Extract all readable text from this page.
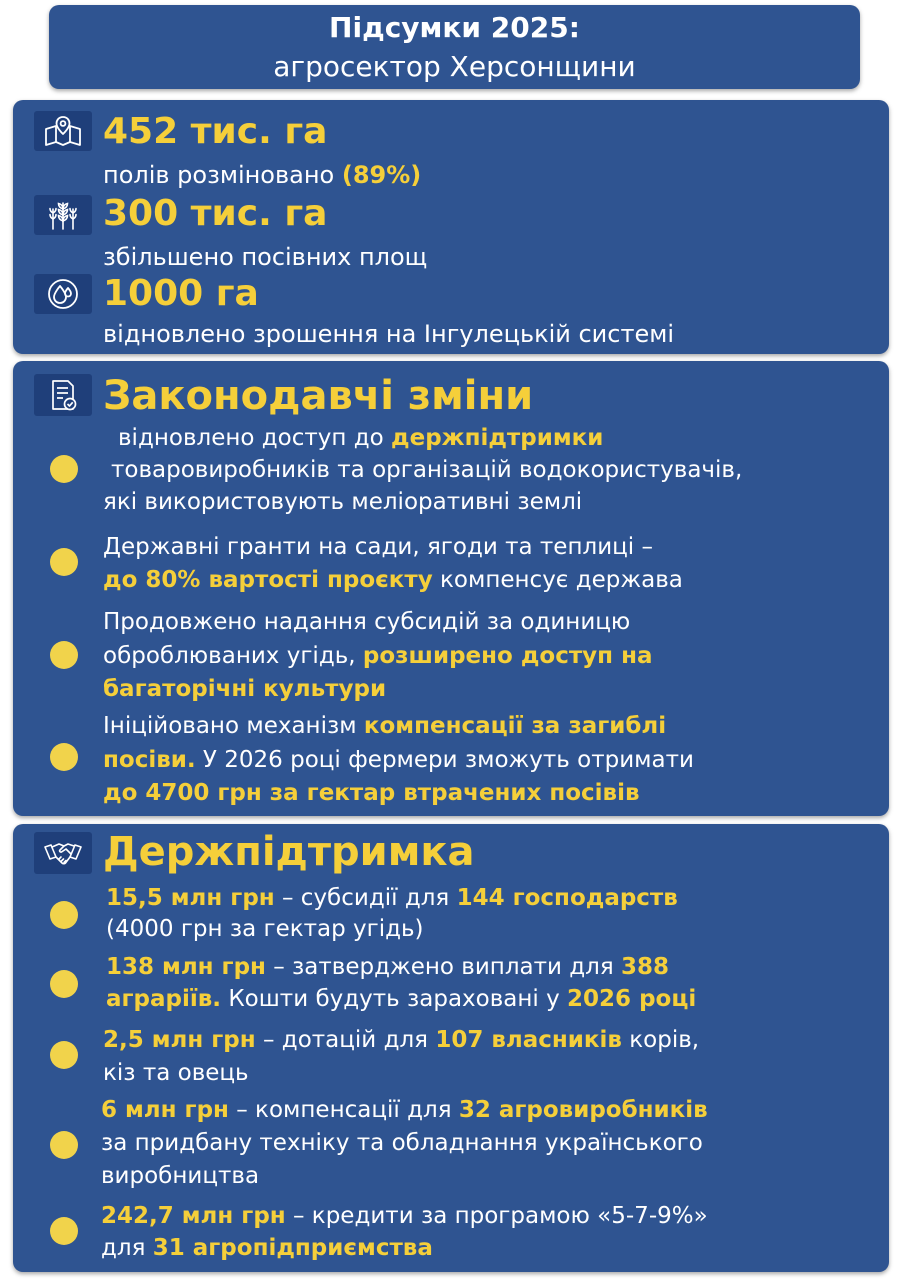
Підсумки 2025:
агросектор Херсонщини
452 тис. га
полів розміновано (89%)
300 тис. га
збільшено посівних площ
1000 га
відновлено зрошення на Інгулецькій системі
Законодавчі зміни
відновлено доступ до держпідтримки
товаровиробників та організацій водокористувачів,
які використовують меліоративні землі
Державні гранти на сади, ягоди та теплиці –
до 80% вартості проєкту компенсує держава
Продовжено надання субсидій за одиницю
оброблюваних угідь, розширено доступ на
багаторічні культури
Ініційовано механізм компенсації за загиблі
посіви. У 2026 році фермери зможуть отримати
до 4700 грн за гектар втрачених посівів
Держпідтримка
15,5 млн грн – субсидії для 144 господарств
(4000 грн за гектар угідь)
138 млн грн – затверджено виплати для 388
аграріїв. Кошти будуть зараховані у 2026 році
2,5 млн грн – дотацій для 107 власників корів,
кіз та овець
6 млн грн – компенсації для 32 агровиробників
за придбану техніку та обладнання українського
виробництва
242,7 млн грн – кредити за програмою «5-7-9%»
для 31 агропідприємства
